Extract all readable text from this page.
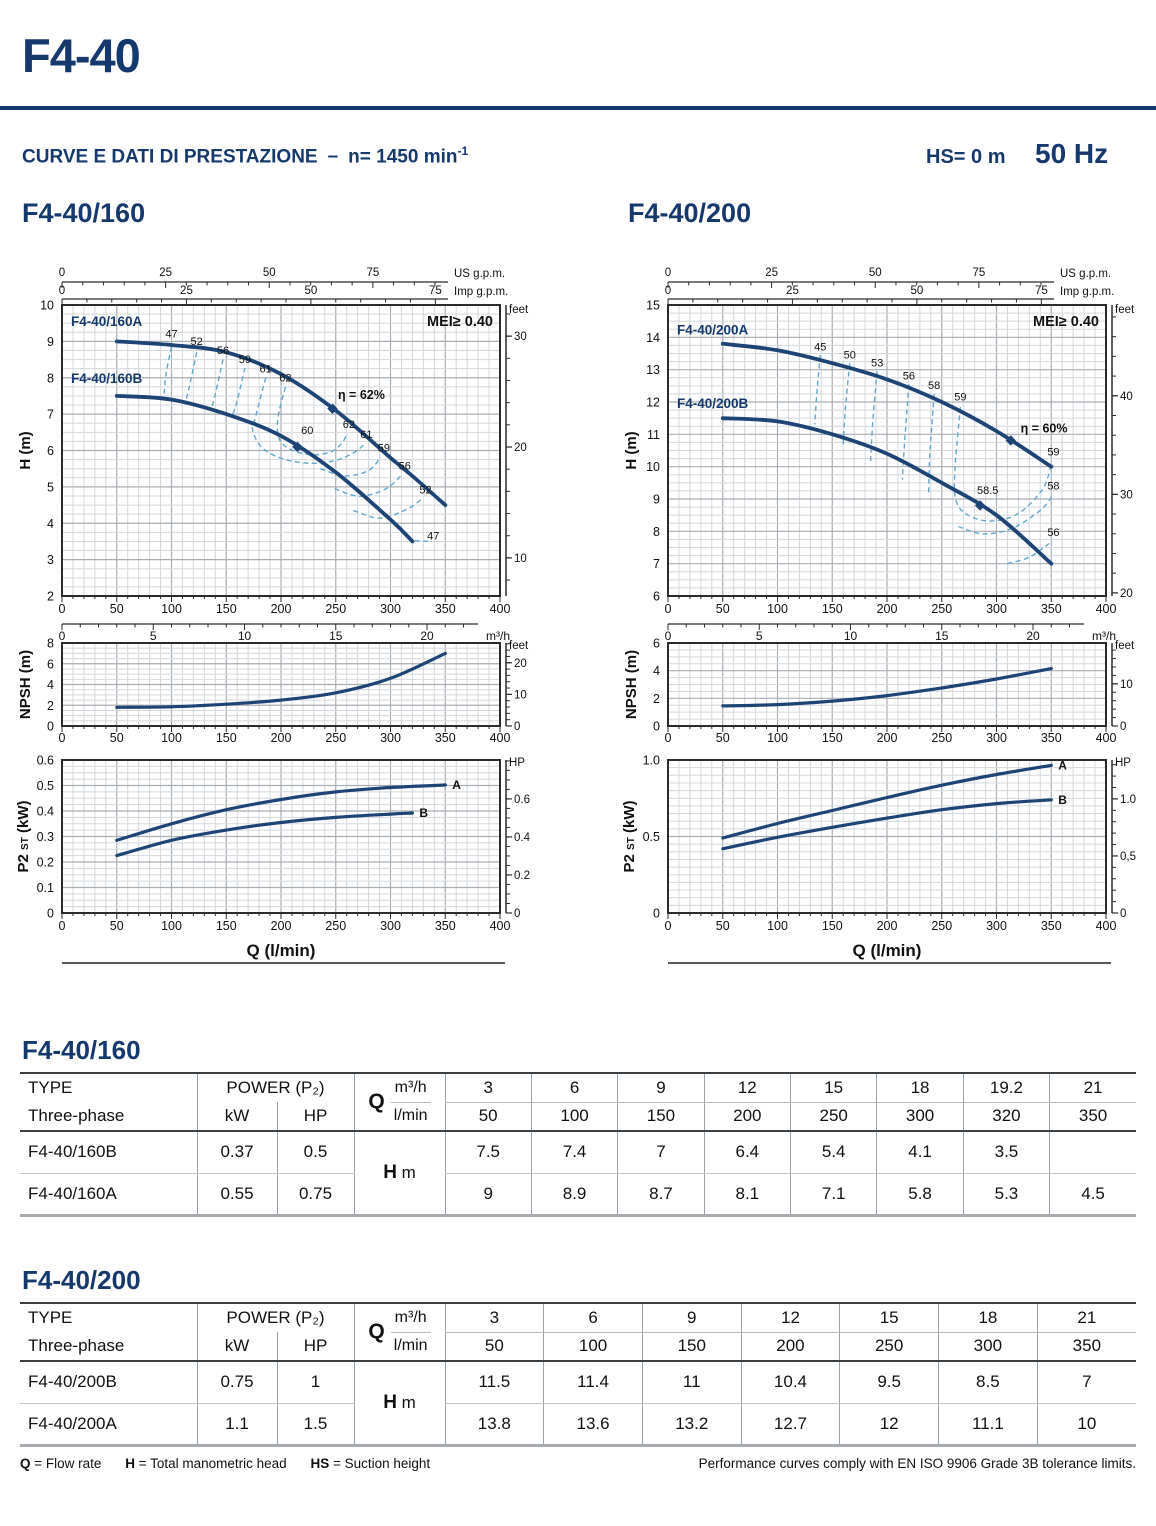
F4-40
CURVE E DATI DI PRESTAZIONE – n= 1450 $\min^{-1}$	HS= 0 m 50 Hz
F4-40/160	F4-40/200
F4-40/160A
F4-40/160B
47
52
56
59
61
62
60
62
61
59
56
52
47
η = 62%
MEI≥ 0.40
0	50	100	150	200	250	300	350	400
10
9
8
7
6
5
4
3
2
30
20
10
feet
0	25	50	75	US g.p.m.
0	25	50	75 Imp g.p.m.
0	5	10	15	20	m³/h
H (m)
0	50	100	150	200	250	300	350	400
8
6
4
2
0
20
10
0
feet
NPSH (m)
A
B
0	50	100	150	200	250	300	350	400
0.6
0.5
0.4
0.3
0.2
0.1
0
0.6
0.4
0.2
0
HP
P2 ST (kW)
Q (l/min)
F4-40/200A
F4-40/200B
45
50
53
56
58
59
59
58.5	58
56
η = 60%
MEI≥ 0.40
0	50	100	150	200	250	300	350	400
15
14
13
12
11
10
9
8
7
6
40
30
20
feet
0	25	50	75	US g.p.m.
0	25	50	75 Imp g.p.m.
0	5	10	15	20	m³/h
H (m)
0	50	100	150	200	250	300	350	400
6
4
2
0
10
0
feet
NPSH (m)
A
B
0	50	100	150	200	250	300	350	400
1.0
0.5
0
1.0
0,5
0
HP
P2 ST (kW)
Q (l/min)
F4-40/160
TYPE	POWER (P₂)		Q
m³/h
l/min	3	6	9	12	15	18	19.2	21
Three-phase	kW	HP		50	100	150	200	250	300	320	350
F4-40/160B	0.37	0.5	H m	7.5	7.4	7	6.4	5.4	4.1	3.5	
F4-40/160A	0.55	0.75		9	8.9	8.7	8.1	7.1	5.8	5.3	4.5
F4-40/200
TYPE	POWER (P₂)		Q
m³/h
l/min	3	6	9	12	15	18	21
Three-phase	kW	HP		50	100	150	200	250	300	350
F4-40/200B	0.75	1	H m	11.5	11.4	11	10.4	9.5	8.5	7
F4-40/200A	1.1	1.5		13.8	13.6	13.2	12.7	12	11.1	10
Q = Flow rate H = Total manometric head HS = Suction height	Performance curves comply with EN ISO 9906 Grade 3B tolerance limits.
